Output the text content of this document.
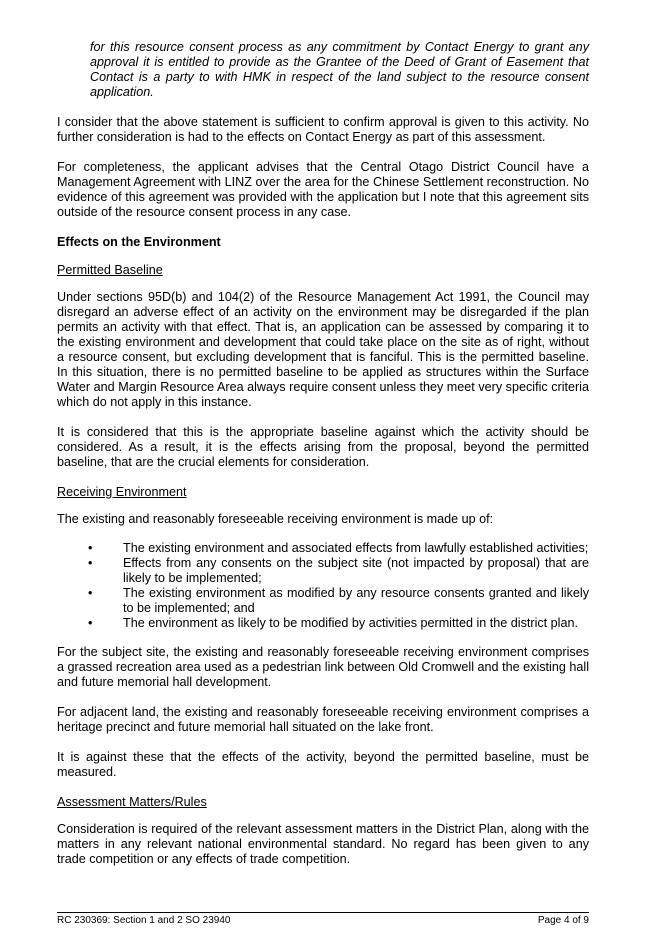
for this resource consent process as any commitment by Contact Energy to grant any approval it is entitled to provide as the Grantee of the Deed of Grant of Easement that Contact is a party to with HMK in respect of the land subject to the resource consent application.

I consider that the above statement is sufficient to confirm approval is given to this activity. No further consideration is had to the effects on Contact Energy as part of this assessment.

For completeness, the applicant advises that the Central Otago District Council have a Management Agreement with LINZ over the area for the Chinese Settlement reconstruction. No evidence of this agreement was provided with the application but I note that this agreement sits outside of the resource consent process in any case.

Effects on the Environment
Permitted Baseline

Under sections 95D(b) and 104(2) of the Resource Management Act 1991, the Council may disregard an adverse effect of an activity on the environment may be disregarded if the plan permits an activity with that effect. That is, an application can be assessed by comparing it to the existing environment and development that could take place on the site as of right, without a resource consent, but excluding development that is fanciful. This is the permitted baseline. In this situation, there is no permitted baseline to be applied as structures within the Surface Water and Margin Resource Area always require consent unless they meet very specific criteria which do not apply in this instance.

It is considered that this is the appropriate baseline against which the activity should be considered. As a result, it is the effects arising from the proposal, beyond the permitted baseline, that are the crucial elements for consideration.

Receiving Environment

The existing and reasonably foreseeable receiving environment is made up of:

• The existing environment and associated effects from lawfully established activities;
• Effects from any consents on the subject site (not impacted by proposal) that are likely to be implemented;
• The existing environment as modified by any resource consents granted and likely to be implemented; and
• The environment as likely to be modified by activities permitted in the district plan.

For the subject site, the existing and reasonably foreseeable receiving environment comprises a grassed recreation area used as a pedestrian link between Old Cromwell and the existing hall and future memorial hall development.

For adjacent land, the existing and reasonably foreseeable receiving environment comprises a heritage precinct and future memorial hall situated on the lake front.

It is against these that the effects of the activity, beyond the permitted baseline, must be measured.

Assessment Matters/Rules

Consideration is required of the relevant assessment matters in the District Plan, along with the matters in any relevant national environmental standard. No regard has been given to any trade competition or any effects of trade competition.

RC 230369: Section 1 and 2 SO 23940	Page 4 of 9
